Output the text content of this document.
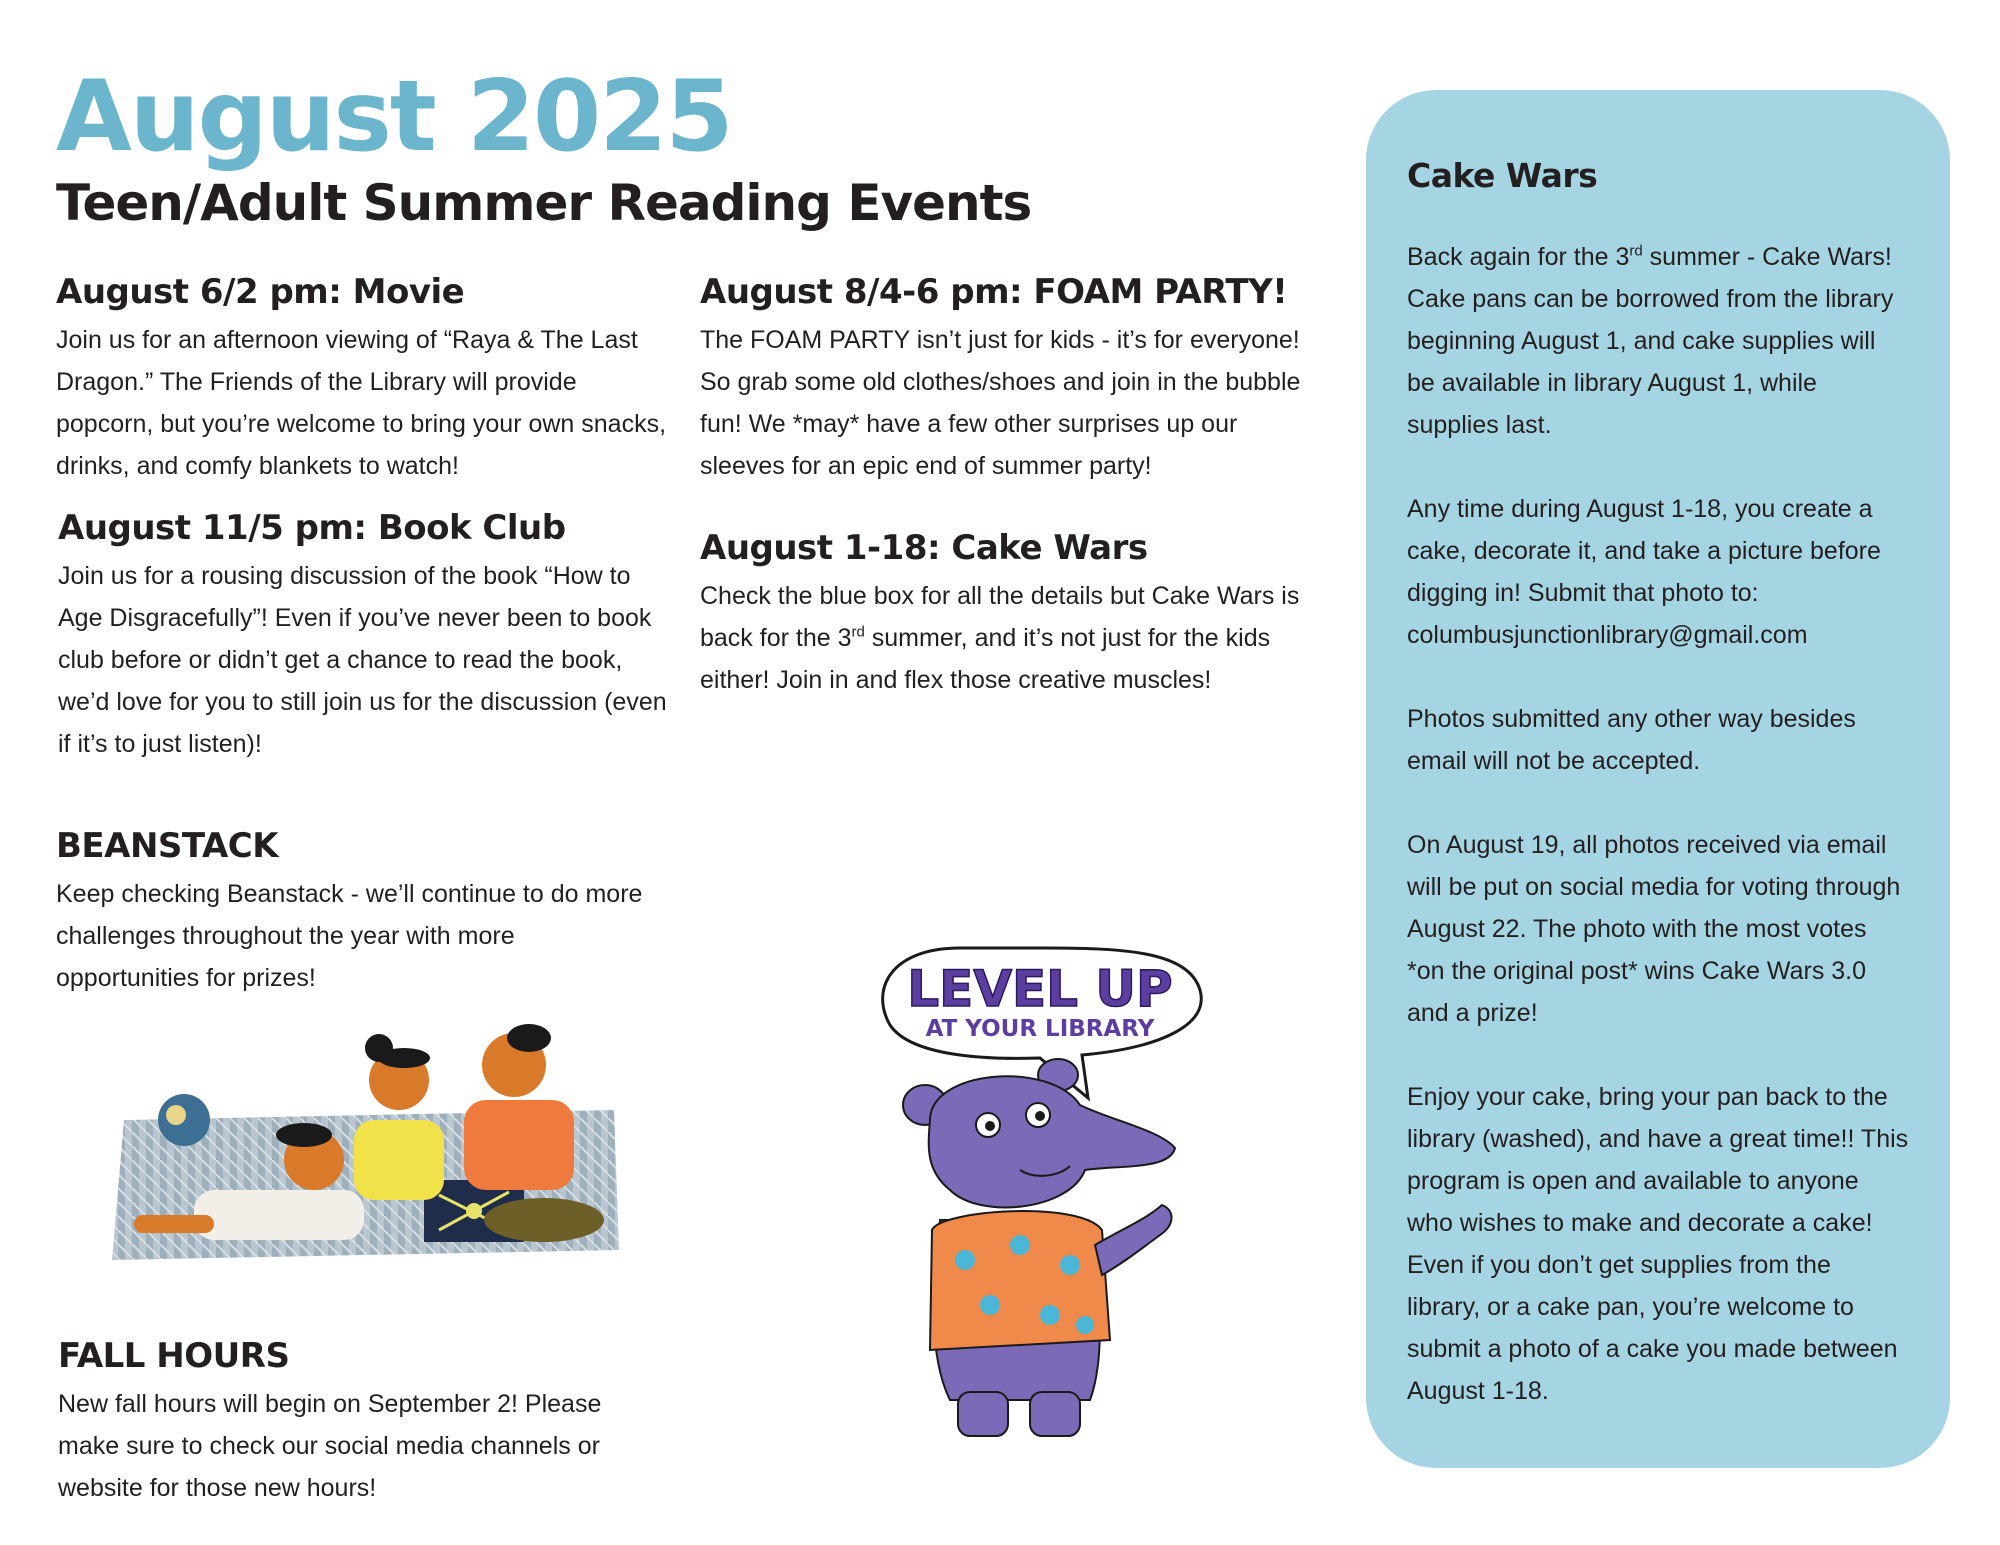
August 2025
Teen/Adult Summer Reading Events
August 6/2 pm: Movie

Join us for an afternoon viewing of “Raya & The Last Dragon.” The Friends of the Library will provide popcorn, but you’re welcome to bring your own snacks, drinks, and comfy blankets to watch!

August 11/5 pm: Book Club

Join us for a rousing discussion of the book “How to Age Disgracefully”! Even if you’ve never been to book club before or didn’t get a chance to read the book, we’d love for you to still join us for the discussion (even if it’s to just listen)!

BEANSTACK

Keep checking Beanstack - we’ll continue to do more challenges throughout the year with more opportunities for prizes!

FALL HOURS

New fall hours will begin on September 2! Please make sure to check our social media channels or website for those new hours!

August 8/4-6 pm: FOAM PARTY!

The FOAM PARTY isn’t just for kids - it’s for everyone! So grab some old clothes/shoes and join in the bubble fun! We *may* have a few other surprises up our sleeves for an epic end of summer party!

August 1-18: Cake Wars

Check the blue box for all the details but Cake Wars is back for the 3rd summer, and it’s not just for the kids either! Join in and flex those creative muscles!

LEVEL UP
AT YOUR LIBRARY
Cake Wars

Back again for the 3rd summer - Cake Wars! Cake pans can be borrowed from the library beginning August 1, and cake supplies will be available in library August 1, while supplies last.

Any time during August 1-18, you create a cake, decorate it, and take a picture before digging in! Submit that photo to:
columbusjunctionlibrary@gmail.com

Photos submitted any other way besides email will not be accepted.

On August 19, all photos received via email will be put on social media for voting through August 22. The photo with the most votes *on the original post* wins Cake Wars 3.0 and a prize!

Enjoy your cake, bring your pan back to the library (washed), and have a great time!! This program is open and available to anyone who wishes to make and decorate a cake! Even if you don’t get supplies from the library, or a cake pan, you’re welcome to submit a photo of a cake you made between August 1-18.
